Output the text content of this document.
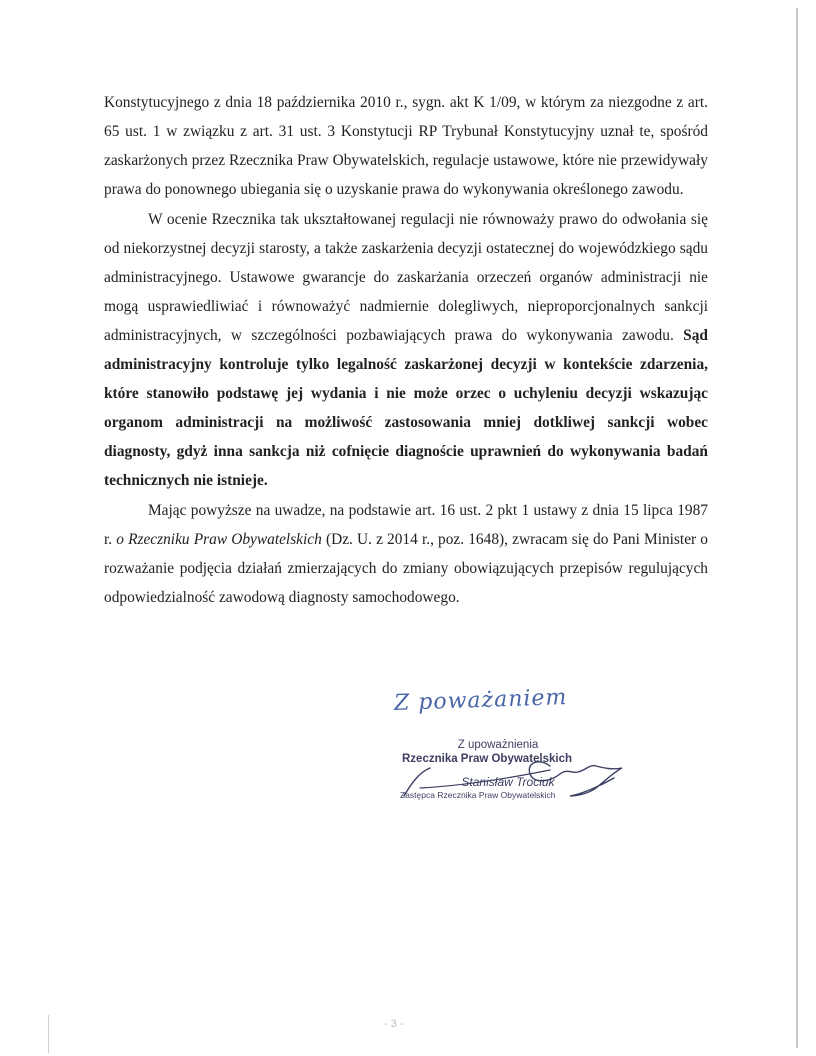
Konstytucyjnego z dnia 18 października 2010 r., sygn. akt K 1/09, w którym za niezgodne z art. 65 ust. 1 w związku z art. 31 ust. 3 Konstytucji RP Trybunał Konstytucyjny uznał te, spośród zaskarżonych przez Rzecznika Praw Obywatelskich, regulacje ustawowe, które nie przewidywały prawa do ponownego ubiegania się o uzyskanie prawa do wykonywania określonego zawodu.

W ocenie Rzecznika tak ukształtowanej regulacji nie równoważy prawo do odwołania się od niekorzystnej decyzji starosty, a także zaskarżenia decyzji ostatecznej do wojewódzkiego sądu administracyjnego. Ustawowe gwarancje do zaskarżania orzeczeń organów administracji nie mogą usprawiedliwiać i równoważyć nadmiernie dolegliwych, nieproporcjonalnych sankcji administracyjnych, w szczególności pozbawiających prawa do wykonywania zawodu. Sąd administracyjny kontroluje tylko legalność zaskarżonej decyzji w kontekście zdarzenia, które stanowiło podstawę jej wydania i nie może orzec o uchyleniu decyzji wskazując organom administracji na możliwość zastosowania mniej dotkliwej sankcji wobec diagnosty, gdyż inna sankcja niż cofnięcie diagnoście uprawnień do wykonywania badań technicznych nie istnieje.

Mając powyższe na uwadze, na podstawie art. 16 ust. 2 pkt 1 ustawy z dnia 15 lipca 1987 r. o Rzeczniku Praw Obywatelskich (Dz. U. z 2014 r., poz. 1648), zwracam się do Pani Minister o rozważanie podjęcia działań zmierzających do zmiany obowiązujących przepisów regulujących odpowiedzialność zawodową diagnosty samochodowego.

Z poważaniem
Z upoważnienia
Rzecznika Praw Obywatelskich
Stanisław Trociuk
Zastępca Rzecznika Praw Obywatelskich
- 3 -
